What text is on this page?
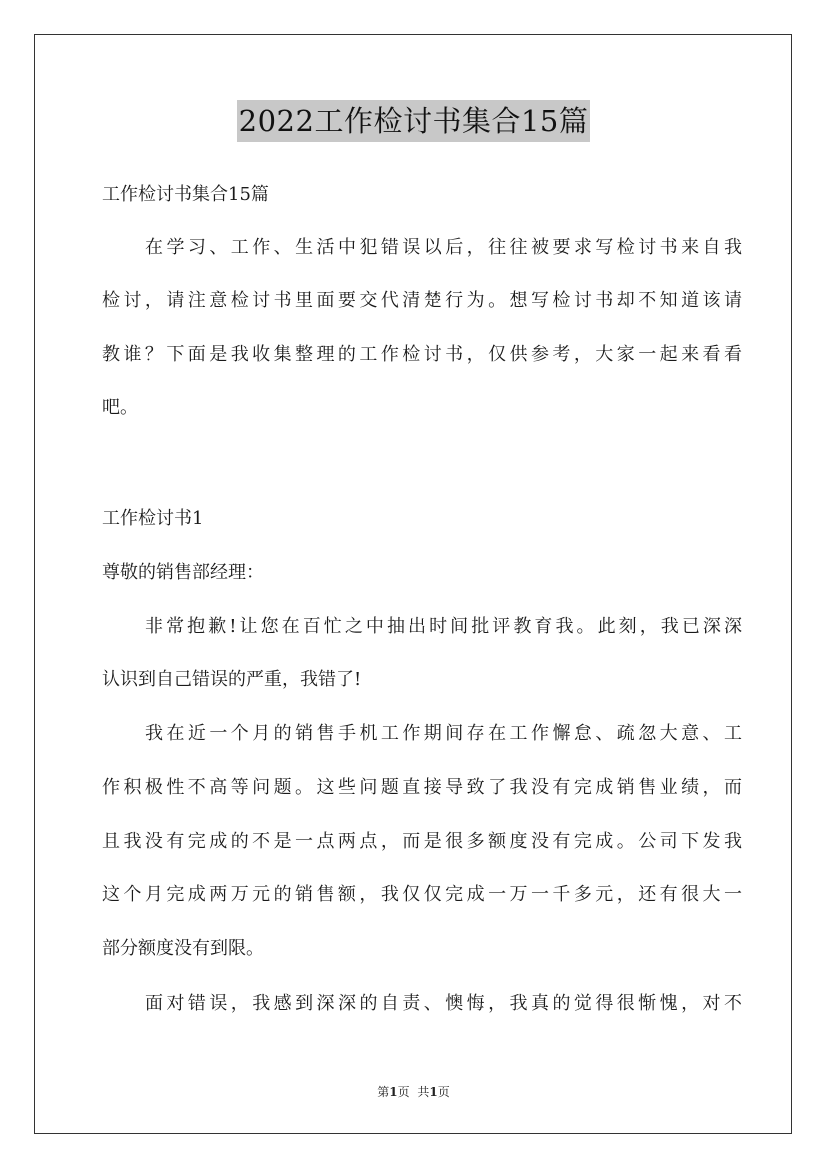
2022工作检讨书集合15篇
工作检讨书集合15篇
在学习、工作、生活中犯错误以后，往往被要求写检讨书来自我
检讨，请注意检讨书里面要交代清楚行为。想写检讨书却不知道该请
教谁？下面是我收集整理的工作检讨书，仅供参考，大家一起来看看
吧。
工作检讨书1
尊敬的销售部经理：
非常抱歉!让您在百忙之中抽出时间批评教育我。此刻，我已深深
认识到自己错误的严重，我错了!
我在近一个月的销售手机工作期间存在工作懈怠、疏忽大意、工
作积极性不高等问题。这些问题直接导致了我没有完成销售业绩，而
且我没有完成的不是一点两点，而是很多额度没有完成。公司下发我
这个月完成两万元的销售额，我仅仅完成一万一千多元，还有很大一
部分额度没有到限。
面对错误，我感到深深的自责、懊悔，我真的觉得很惭愧，对不
第1页 共1页
